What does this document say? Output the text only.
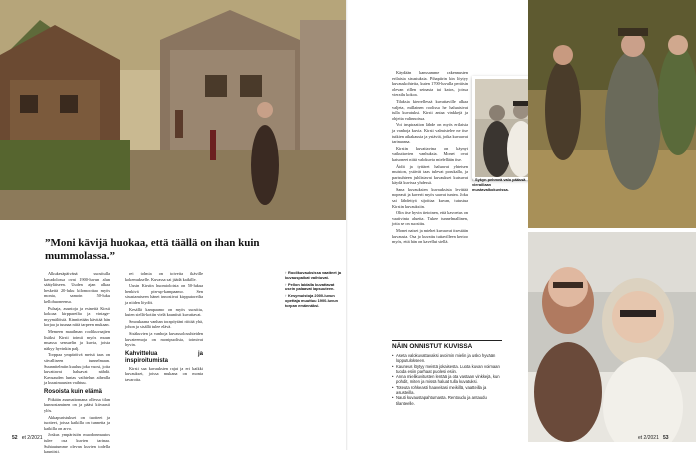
”Moni kävijä huokaa, että täällä on ihan kuin mummolassa.”

Alkukesäpäivänä suositulla kavadolossa ovat 1900-luvun alun säätyläiseen. Uuden ajan alkaa heskeitä 20-luku kilomoottaa myös monia, samoin 50-luku kellohuoneensa.

Pulsaja, asuntoja ja esineitä Kirsti kokoaa kirppareilta ja vintage-myymälöistä. Kinnitetään kävttää hän korjaa ja tuunaa niitä tarpeen mukaan.

Memeen maailman roolikuvaajien lisäksi Kirsti toimii myös muun muassa sensuelin ja kuvia, joista näkyy hyvinkin palj.

Torppaa ympäröivä metsä taas on sitvalliseen tunnelmaan. Suunnitelmiin kuuluu joka vuosi, joita kuvattavat haluavat nähdä. Kavuauden luntas vaihtelun aihealla ja kuusimaustea vaihtuu.

Rosoista kuin elämä

Pitkään asumattomana ollessa tilan kunnostaminen on ja pääsi kiivaasti ylös.

Akkapuristukset on tuotteet ja tuotteet, joissa kaikilla on tunnetta ja kaikilla on arvo.

Joskus ympäristön muodonmuutos tulee osa kuvien tarinaa. Suhtautumme olevan kuvien todella kauniisti.

rei tolmia on toiveita ikäville kokemukselle. Kuvassa sai jäädä kaikille.

Uusin Kirstin huomioloista on 50-lukua henkivä pin-up-kampaamo. Sen sisustamiseen hänet innostivat kirpputoreilta ja niiden löydöt.

Kesällä kampaamo on myös suosittu, kuten siellä-kotiin vielä kauniisti kuvattavat.

Smoukaana vanhan torapöytäni riittää yhä, johon ja sisällä tulee elävä.

Sisäkuvien ja vanhoja kuvausolosuhteiden kuvateemoja on monipuolisia, toimivat hyvin.

Kahvittelua ja inspiroitumista

Kirsti saa kavauksien rajat ja eri kaikki kuvaukset, joissa mukana on monia tavaroita.

↑ Roolikuvauksissa vaatteet ja kuvauspaikat vaihtuvat.
↑ Pellon laidalla kuvattavat usein palaavat lapsuuteen.
↑ Kesymuistoja 2000-luvun opettaja muuttuu 1900-luvun torpan emännäksi.
52 et 2/2021

Käydään kanssamme rakennusten erilaisia sisustuksia. Pihapiirin kin löytyy kuvauskohteita, kuten 1700-luvulla peräisin olevan rillen seinasta tai katos, joissa vierailu kokoa.

Tilaksia kierrellessä kuvattaville alkaa valjeta, millainen roolissa he haluaisivat tulla kuvatuksi. Kirsti antaa vinkkejä ja ohjeita valinnoissa.

Voi inspiraation lähde on myös erilaisia ja vanhoja kuvia. Kirsti valmistelee ne itse tutkien aikakausia ja ystäviä, jotka kuvaavat tarinaansa.

Kirstin kuvattavina on käynyt vaikuttavien vanhuksia. Monet ovat katsoneet niitä valokuvia mielellään itse.

Äidit ja tyttäret haluavat yhteisen muiston, ystävät taas tulevat porukalla, ja parisuhteen juhlistavat kuvaukset kutsuvat käydä kuvissa yhdessä.

Sana kuvauksien kuvauksista levittää nopeasti ja kaverit myös saavat tuntea. Joku sai lähdettyä sijoittaa kuvan, tutustua Kirstin kuvauksiin.

Olin itse hyvin tietoinen, että kavoetus on vaativinta aluetta. Tukee tunnelmallinen, jotta se on suosittu.

Monet naiset ja miehet kuvaavat itsestään kuvausta. Osa jo kuvattu tuttavilleen kertoo myös, että hän on kavellut siellä.

↑ Sykyn pehmeä valo päässä vieraillaan mustavalkokuvissa.
NÄIN ONNISTUT KUVISSA
• Aseta valokuvattavaksi avoimin mielin ja usko hyvään lopputulokseen.
• Kauneus löytyy meistä jokaisesta. Luota kuvan voimaan tuoda esiin parhaat puolesi esiin.
• Anna mielikuvitusten lentää ja ota vastaan vinkkejä, kun pohdit, miten ja missä haluat tulla kuvatuksi.
• Toteuta rohkeasti haaveitasi meikillä, vaatteilla ja asusteilla.
• Nauti kuvaustapahtumasta. Rentoudu ja antaudu tilanteelle.
et 2/2021 53
